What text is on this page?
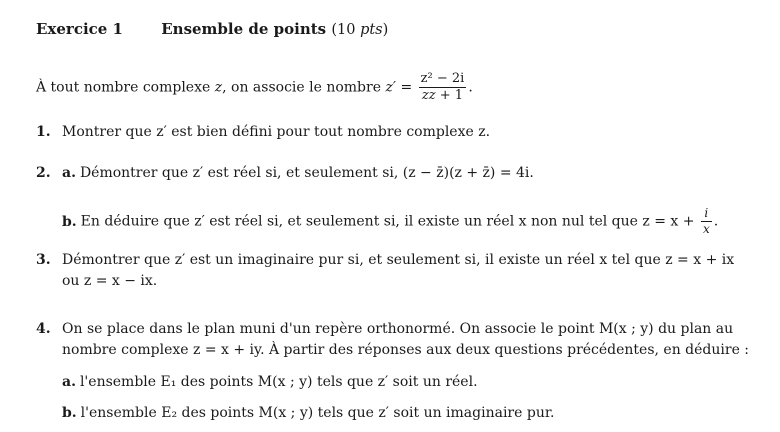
Exercice 1	Ensemble de points (10 pts)
À tout nombre complexe z, on associe le nombre $z' = \frac{\text{z² − 2i}}{z\overline{z} + 1}$ .
1. Montrer que z′ est bien défini pour tout nombre complexe z.
2. a. Démontrer que z′ est réel si, et seulement si, (z − z̄)(z + z̄) = 4i.
b. En déduire que z′ est réel si, et seulement si, il existe un réel x non nul tel que $z = x + \frac{i}{x}$ .
3. Démontrer que z′ est un imaginaire pur si, et seulement si, il existe un réel x tel que z = x + ix
ou z = x − ix.
4. On se place dans le plan muni d'un repère orthonormé. On associe le point M(x ; y) du plan au
nombre complexe z = x + iy. À partir des réponses aux deux questions précédentes, en déduire :
a. l'ensemble E₁ des points M(x ; y) tels que z′ soit un réel.
b. l'ensemble E₂ des points M(x ; y) tels que z′ soit un imaginaire pur.
